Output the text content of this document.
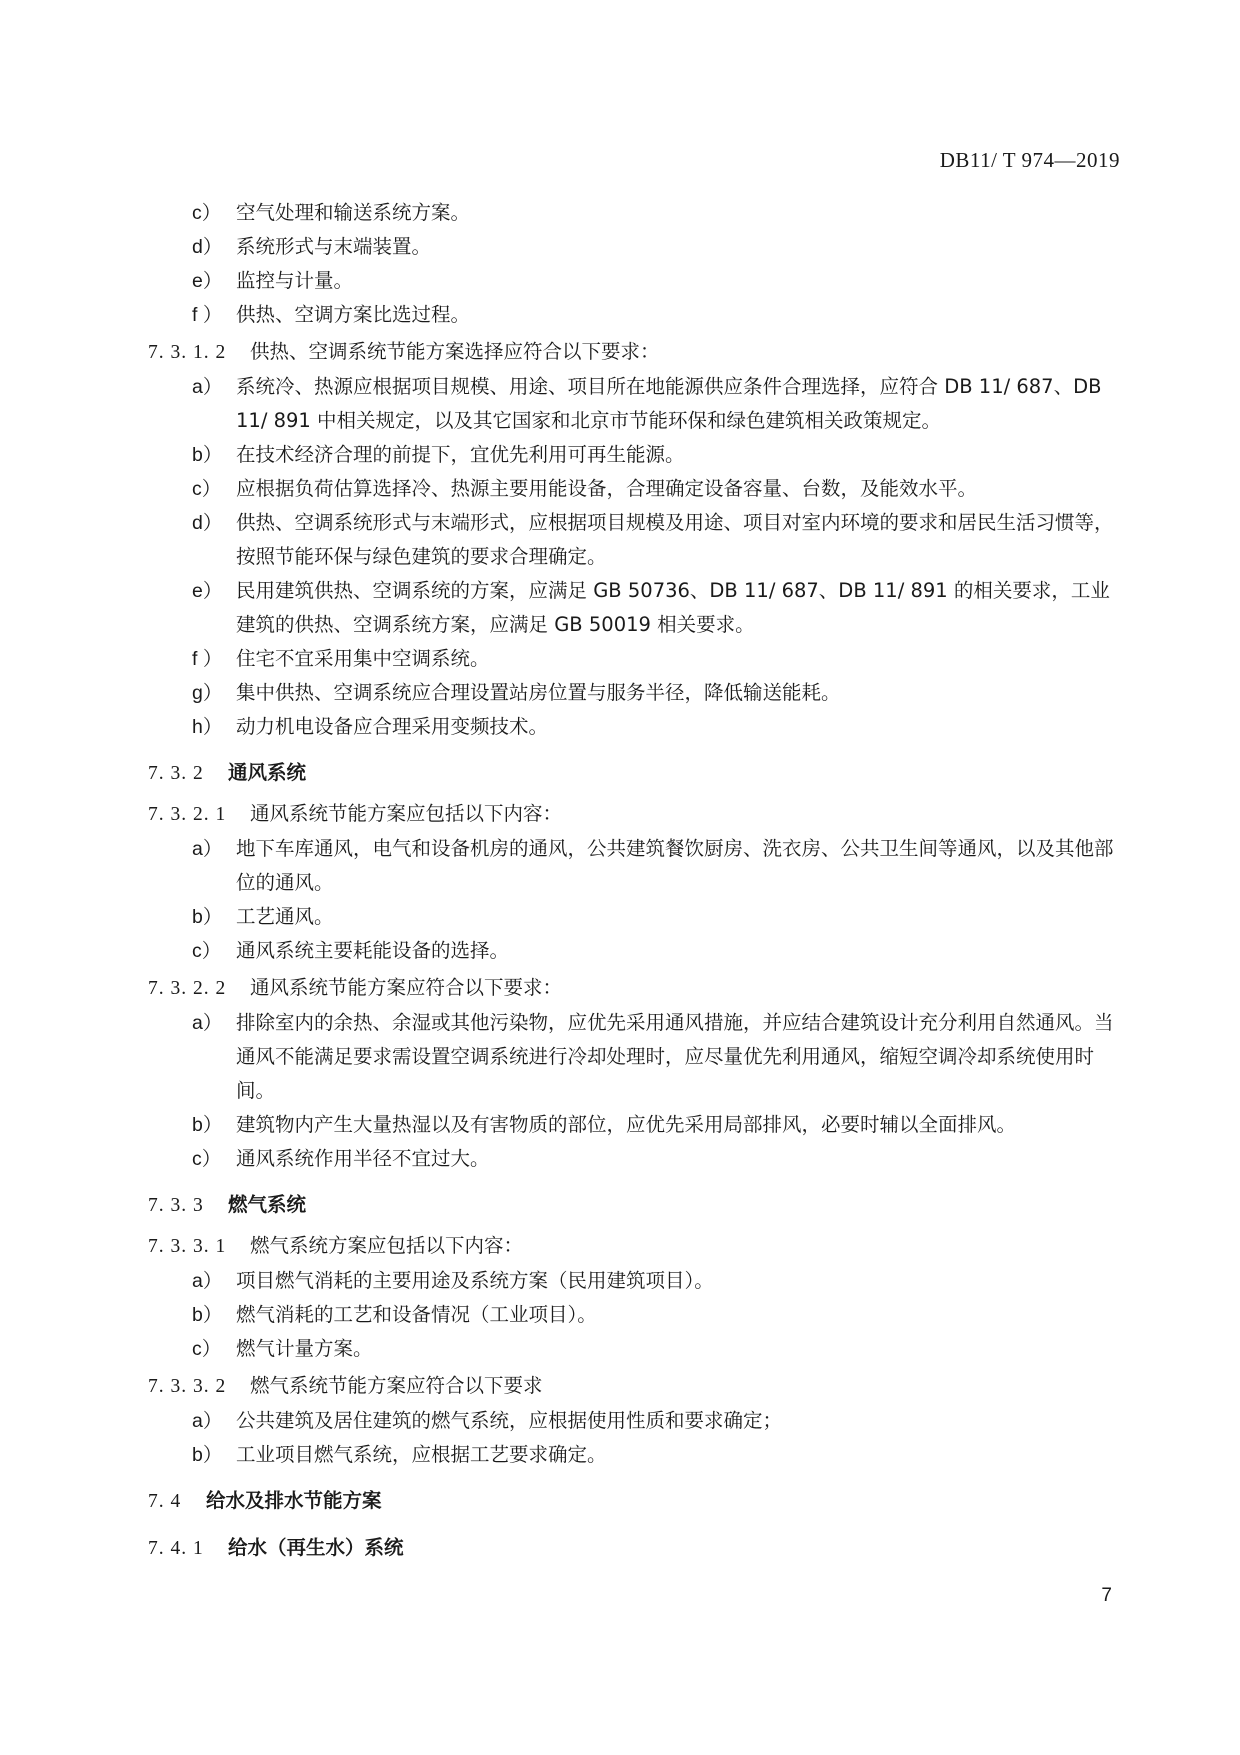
DB11/ T 974—2019
c） 空气处理和输送系统方案。
d） 系统形式与末端装置。
e） 监控与计量。
f ） 供热、空调方案比选过程。
7. 3. 1. 2 供热、空调系统节能方案选择应符合以下要求：
a） 系统冷、热源应根据项目规模、用途、项目所在地能源供应条件合理选择，应符合 DB 11/ 687、DB 11/ 891 中相关规定，以及其它国家和北京市节能环保和绿色建筑相关政策规定。
b） 在技术经济合理的前提下，宜优先利用可再生能源。
c） 应根据负荷估算选择冷、热源主要用能设备，合理确定设备容量、台数，及能效水平。
d） 供热、空调系统形式与末端形式，应根据项目规模及用途、项目对室内环境的要求和居民生活习惯等，按照节能环保与绿色建筑的要求合理确定。
e） 民用建筑供热、空调系统的方案，应满足 GB 50736、DB 11/ 687、DB 11/ 891 的相关要求，工业建筑的供热、空调系统方案，应满足 GB 50019 相关要求。
f ） 住宅不宜采用集中空调系统。
g） 集中供热、空调系统应合理设置站房位置与服务半径，降低输送能耗。
h） 动力机电设备应合理采用变频技术。
7. 3. 2 通风系统
7. 3. 2. 1 通风系统节能方案应包括以下内容：
a） 地下车库通风，电气和设备机房的通风，公共建筑餐饮厨房、洗衣房、公共卫生间等通风，以及其他部位的通风。
b） 工艺通风。
c） 通风系统主要耗能设备的选择。
7. 3. 2. 2 通风系统节能方案应符合以下要求：
a） 排除室内的余热、余湿或其他污染物，应优先采用通风措施，并应结合建筑设计充分利用自然通风。当通风不能满足要求需设置空调系统进行冷却处理时，应尽量优先利用通风，缩短空调冷却系统使用时间。
b） 建筑物内产生大量热湿以及有害物质的部位，应优先采用局部排风，必要时辅以全面排风。
c） 通风系统作用半径不宜过大。
7. 3. 3 燃气系统
7. 3. 3. 1 燃气系统方案应包括以下内容：
a） 项目燃气消耗的主要用途及系统方案（民用建筑项目）。
b） 燃气消耗的工艺和设备情况（工业项目）。
c） 燃气计量方案。
7. 3. 3. 2 燃气系统节能方案应符合以下要求
a） 公共建筑及居住建筑的燃气系统，应根据使用性质和要求确定；
b） 工业项目燃气系统，应根据工艺要求确定。
7. 4 给水及排水节能方案
7. 4. 1 给水（再生水）系统
7
